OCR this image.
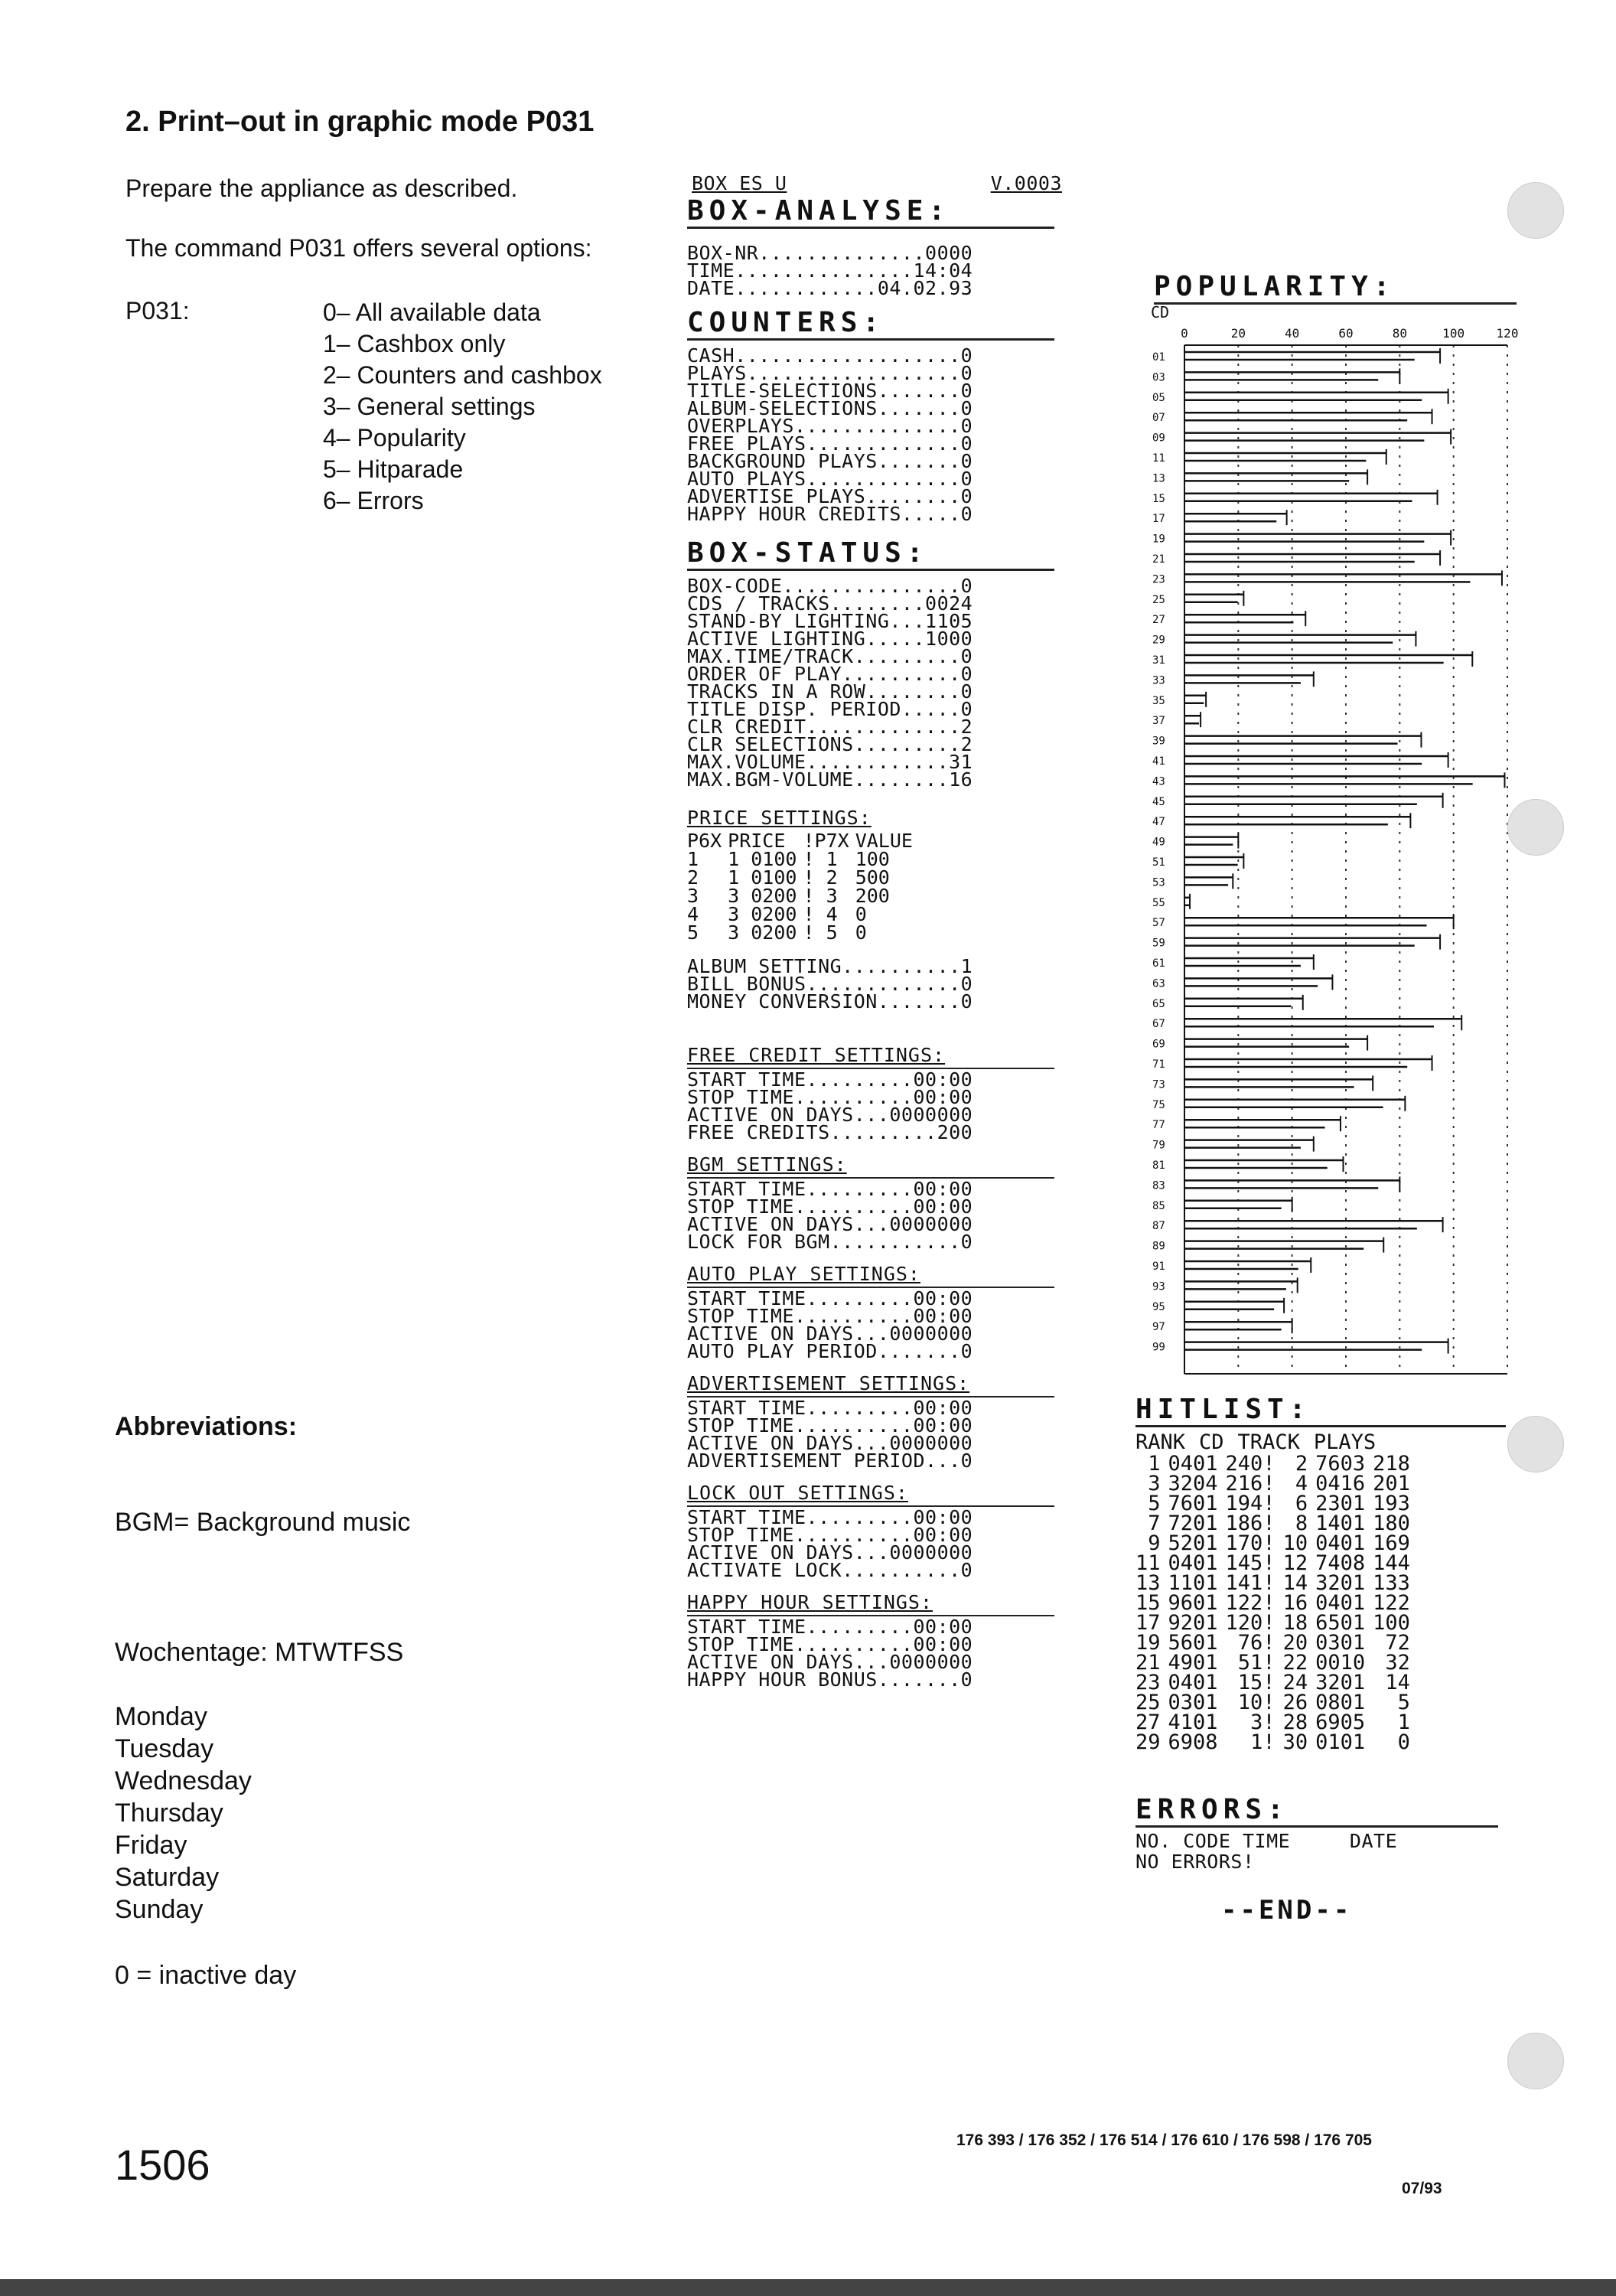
2. Print–out in graphic mode P031
Prepare the appliance as described.
The command P031 offers several options:
P031:	0– All available data
1– Cashbox only
2– Counters and cashbox
3– General settings
4– Popularity
5– Hitparade
6– Errors
Abbreviations:
BGM= Background music
Wochentage: MTWTFSS
Monday
Tuesday
Wednesday
Thursday
Friday
Saturday
Sunday
0 = inactive day
1506
BOX ES U	V.0003
BOX-ANALYSE:
BOX-NR..............0000
TIME...............14:04
DATE............04.02.93
COUNTERS:
CASH...................0
PLAYS..................0
TITLE-SELECTIONS.......0
ALBUM-SELECTIONS.......0
OVERPLAYS..............0
FREE PLAYS.............0
BACKGROUND PLAYS.......0
AUTO PLAYS.............0
ADVERTISE PLAYS........0
HAPPY HOUR CREDITS.....0
BOX-STATUS:
BOX-CODE...............0
CDS / TRACKS........0024
STAND-BY LIGHTING...1105
ACTIVE LIGHTING.....1000
MAX.TIME/TRACK.........0
ORDER OF PLAY..........0
TRACKS IN A ROW........0
TITLE DISP. PERIOD.....0
CLR CREDIT.............2
CLR SELECTIONS.........2
MAX.VOLUME............31
MAX.BGM-VOLUME........16
PRICE SETTINGS:
P6X	PRICE	!P7X	VALUE
1	1 0100	! 1	100
2	1 0100	! 2	500
3	3 0200	! 3	200
4	3 0200	! 4	0
5	3 0200	! 5	0
ALBUM SETTING..........1
BILL BONUS.............0
MONEY CONVERSION.......0
FREE CREDIT SETTINGS:
START TIME.........00:00
STOP TIME..........00:00
ACTIVE ON DAYS...0000000
FREE CREDITS.........200
BGM SETTINGS:
START TIME.........00:00
STOP TIME..........00:00
ACTIVE ON DAYS...0000000
LOCK FOR BGM...........0
AUTO PLAY SETTINGS:
START TIME.........00:00
STOP TIME..........00:00
ACTIVE ON DAYS...0000000
AUTO PLAY PERIOD.......0
ADVERTISEMENT SETTINGS:
START TIME.........00:00
STOP TIME..........00:00
ACTIVE ON DAYS...0000000
ADVERTISEMENT PERIOD...0
LOCK OUT SETTINGS:
START TIME.........00:00
STOP TIME..........00:00
ACTIVE ON DAYS...0000000
ACTIVATE LOCK..........0
HAPPY HOUR SETTINGS:
START TIME.........00:00
STOP TIME..........00:00
ACTIVE ON DAYS...0000000
HAPPY HOUR BONUS.......0
POPULARITY:
CD
0	20	40	60	80	100	120
01
03
05
07
09
11
13
15
17
19
21
23
25
27
29
31
33
35
37
39
41
43
45
47
49
51
53
55
57
59
61
63
65
67
69
71
73
75
77
79
81
83
85
87
89
91
93
95
97
99
HITLIST:
RANK CD TRACK PLAYS
1	0401	240!	2	7603	218
3	3204	216!	4	0416	201
5	7601	194!	6	2301	193
7	7201	186!	8	1401	180
9	5201	170!	10	0401	169
11	0401	145!	12	7408	144
13	1101	141!	14	3201	133
15	9601	122!	16	0401	122
17	9201	120!	18	6501	100
19	5601	76!	20	0301	72
21	4901	51!	22	0010	32
23	0401	15!	24	3201	14
25	0301	10!	26	0801	5
27	4101	3!	28	6905	1
29	6908	1!	30	0101	0
ERRORS:
NO. CODE TIME     DATE
NO ERRORS!
--END--
176 393 / 176 352 / 176 514 / 176 610 / 176 598 / 176 705
07/93
